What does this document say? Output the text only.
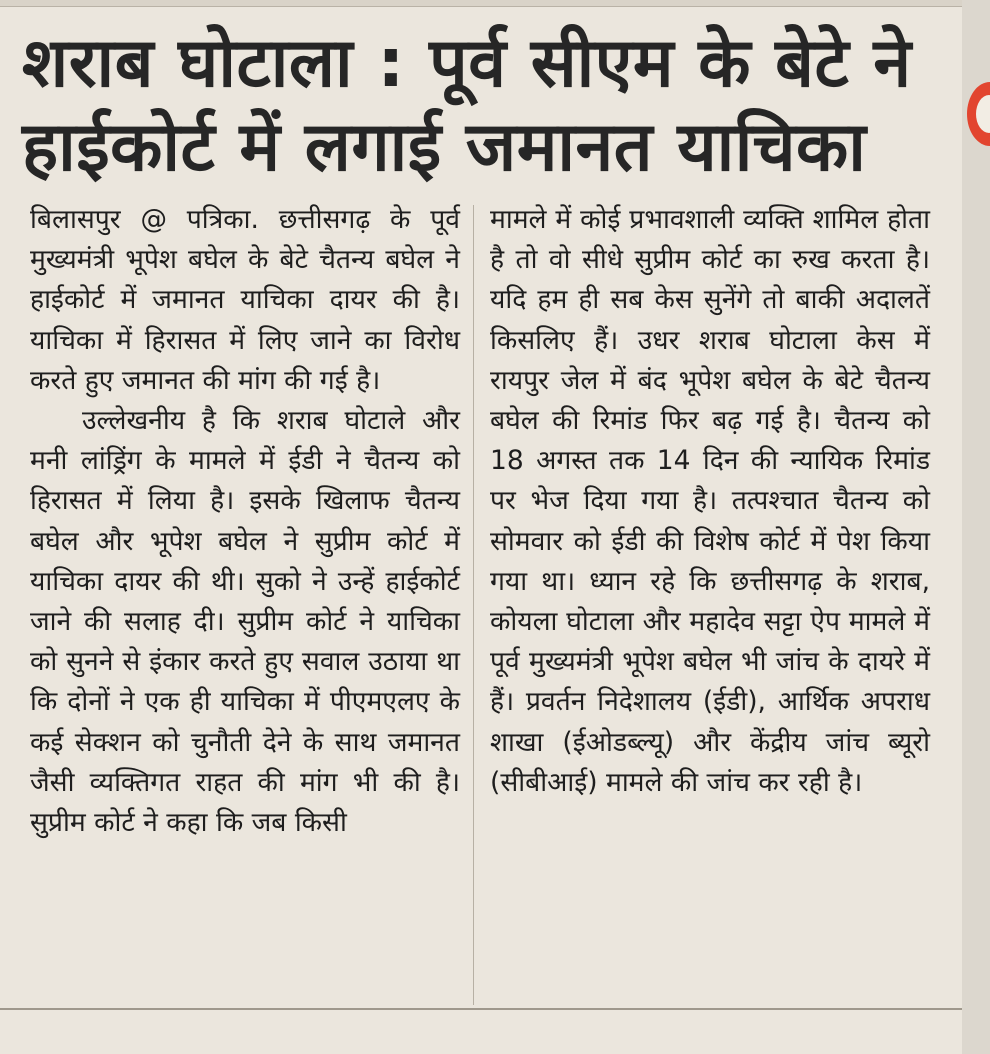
शराब घोटाला : पूर्व सीएम के बेटे ने
हाईकोर्ट में लगाई जमानत याचिका

बिलासपुर @ पत्रिका. छत्तीसगढ़ के पूर्व मुख्यमंत्री भूपेश बघेल के बेटे चैतन्य बघेल ने हाईकोर्ट में जमानत याचिका दायर की है। याचिका में हिरासत में लिए जाने का विरोध करते हुए जमानत की मांग की गई है।

उल्लेखनीय है कि शराब घोटाले और मनी लांड्रिंग के मामले में ईडी ने चैतन्य को हिरासत में लिया है। इसके खिलाफ चैतन्य बघेल और भूपेश बघेल ने सुप्रीम कोर्ट में याचिका दायर की थी। सुको ने उन्हें हाईकोर्ट जाने की सलाह दी। सुप्रीम कोर्ट ने याचिका को सुनने से इंकार करते हुए सवाल उठाया था कि दोनों ने एक ही याचिका में पीएमएलए के कई सेक्शन को चुनौती देने के साथ जमानत जैसी व्यक्तिगत राहत की मांग भी की है। सुप्रीम कोर्ट ने कहा कि जब किसी

मामले में कोई प्रभावशाली व्यक्ति शामिल होता है तो वो सीधे सुप्रीम कोर्ट का रुख करता है। यदि हम ही सब केस सुनेंगे तो बाकी अदालतें किसलिए हैं। उधर शराब घोटाला केस में रायपुर जेल में बंद भूपेश बघेल के बेटे चैतन्य बघेल की रिमांड फिर बढ़ गई है। चैतन्य को 18 अगस्त तक 14 दिन की न्यायिक रिमांड पर भेज दिया गया है। तत्पश्चात चैतन्य को सोमवार को ईडी की विशेष कोर्ट में पेश किया गया था। ध्यान रहे कि छत्तीसगढ़ के शराब, कोयला घोटाला और महादेव सट्टा ऐप मामले में पूर्व मुख्यमंत्री भूपेश बघेल भी जांच के दायरे में हैं। प्रवर्तन निदेशालय (ईडी), आर्थिक अपराध शाखा (ईओडब्ल्यू) और केंद्रीय जांच ब्यूरो (सीबीआई) मामले की जांच कर रही है।
